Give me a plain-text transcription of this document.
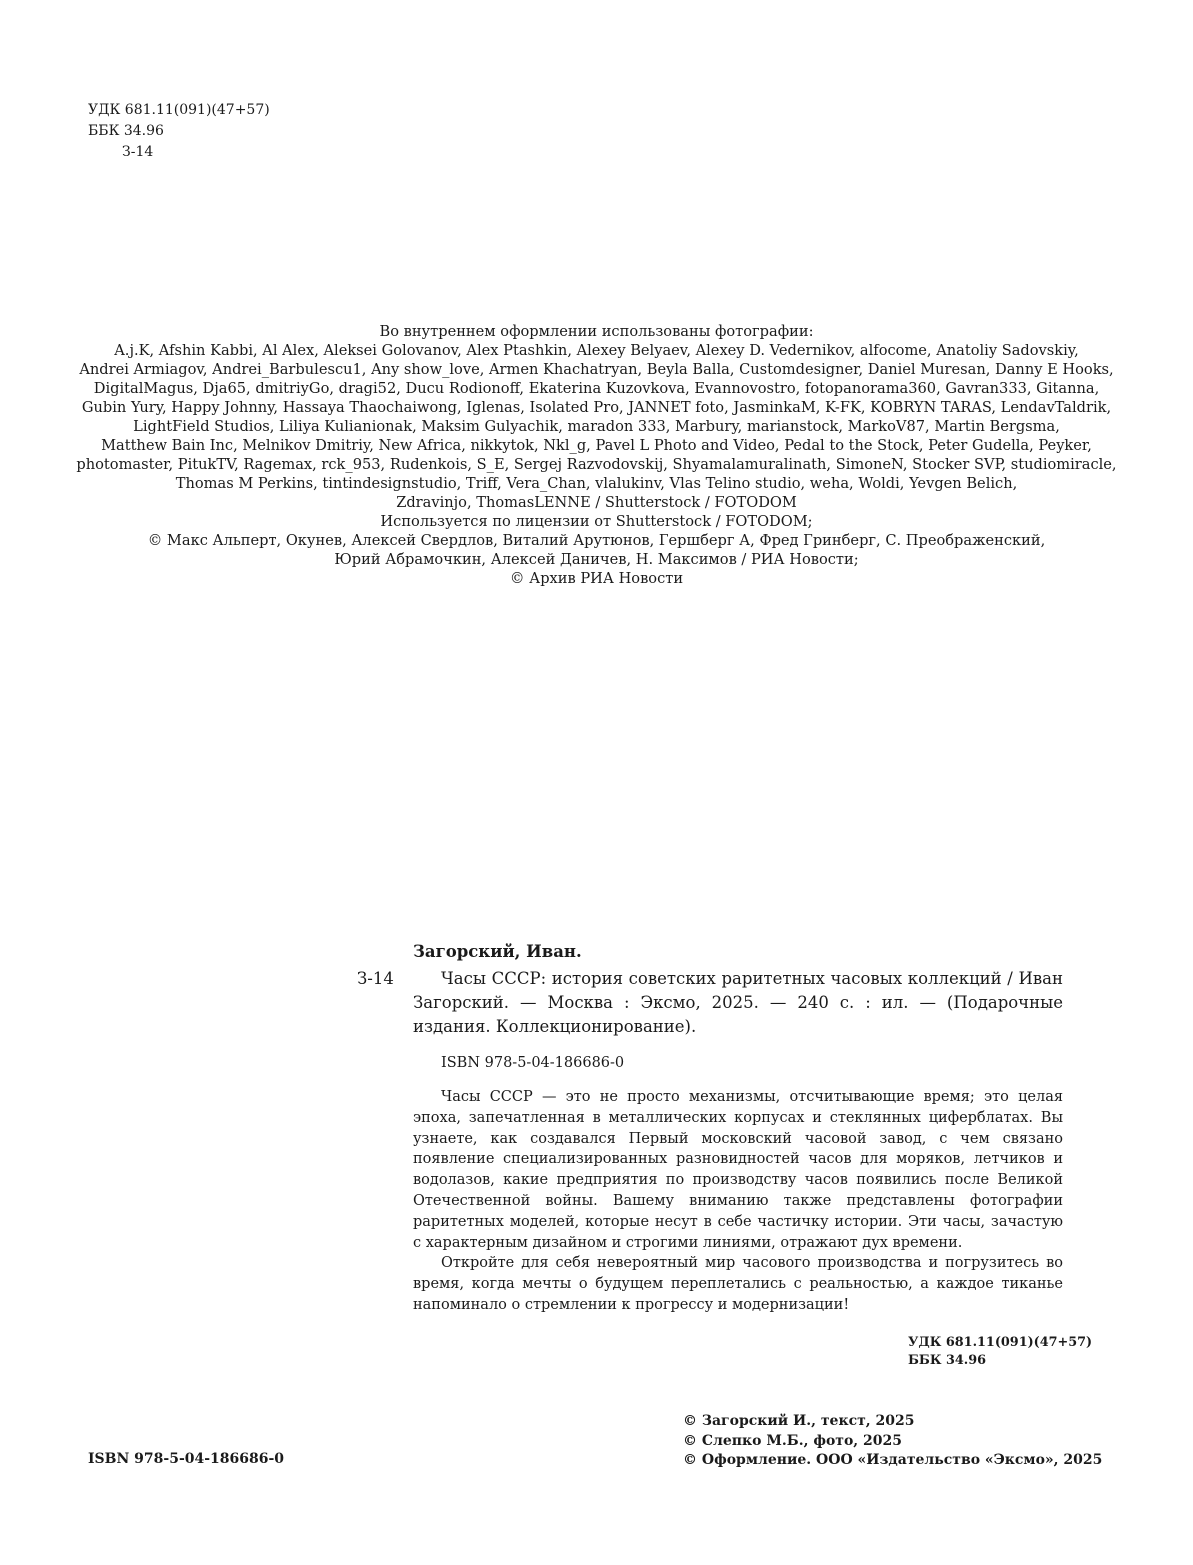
УДК 681.11(091)(47+57)
ББК 34.96
З-14
Во внутреннем оформлении использованы фотографии:
A.j.K, Afshin Kabbi, Al Alex, Aleksei Golovanov, Alex Ptashkin, Alexey Belyaev, Alexey D. Vedernikov, alfocome, Anatoliy Sadovskiy,
Andrei Armiagov, Andrei_Barbulescu1, Any show_love, Armen Khachatryan, Beyla Balla, Customdesigner, Daniel Muresan, Danny E Hooks,
DigitalMagus, Dja65, dmitriyGo, dragi52, Ducu Rodionoff, Ekaterina Kuzovkova, Evannovostro, fotopanorama360, Gavran333, Gitanna,
Gubin Yury, Happy Johnny, Hassaya Thaochaiwong, Iglenas, Isolated Pro, JANNET foto, JasminkaM, K-FK, KOBRYN TARAS, LendavTaldrik,
LightField Studios, Liliya Kulianionak, Maksim Gulyachik, maradon 333, Marbury, marianstock, MarkoV87, Martin Bergsma,
Matthew Bain Inc, Melnikov Dmitriy, New Africa, nikkytok, Nkl_g, Pavel L Photo and Video, Pedal to the Stock, Peter Gudella, Peyker,
photomaster, PitukTV, Ragemax, rck_953, Rudenkois, S_E, Sergej Razvodovskij, Shyamalamuralinath, SimoneN, Stocker SVP, studiomiracle,
Thomas M Perkins, tintindesignstudio, Triff, Vera_Chan, vlalukinv, Vlas Telino studio, weha, Woldi, Yevgen Belich,
Zdravinjo, ThomasLENNE / Shutterstock / FOTODOM
Используется по лицензии от Shutterstock / FOTODOM;
© Макс Альперт, Окунев, Алексей Свердлов, Виталий Арутюнов, Гершберг А, Фред Гринберг, С. Преображенский,
Юрий Абрамочкин, Алексей Даничев, Н. Максимов / РИА Новости;
© Архив РИА Новости
Загорский, Иван.
З-14	Часы СССР: история советских раритетных часовых коллекций / Иван Загорский. — Москва : Эксмо, 2025. — 240 с. : ил. — (Подарочные издания. Коллекционирование).
ISBN 978-5-04-186686-0

Часы СССР — это не просто механизмы, отсчитывающие время; это целая эпоха, запечатленная в металлических корпусах и стеклянных циферблатах. Вы узнаете, как создавался Первый московский часовой завод, с чем связано появление специализированных разновидностей часов для моряков, летчиков и водолазов, какие предприятия по производству часов появились после Великой Отечественной войны. Вашему вниманию также представлены фотографии раритетных моделей, которые несут в себе частичку истории. Эти часы, зачастую с характерным дизайном и строгими линиями, отражают дух времени.

Откройте для себя невероятный мир часового производства и погрузитесь во время, когда мечты о будущем переплетались с реальностью, а каждое тиканье напоминало о стремлении к прогрессу и модернизации!

УДК 681.11(091)(47+57)
ББК 34.96
© Загорский И., текст, 2025
© Слепко М.Б., фото, 2025
© Оформление. ООО «Издательство «Эксмо», 2025
ISBN 978-5-04-186686-0
